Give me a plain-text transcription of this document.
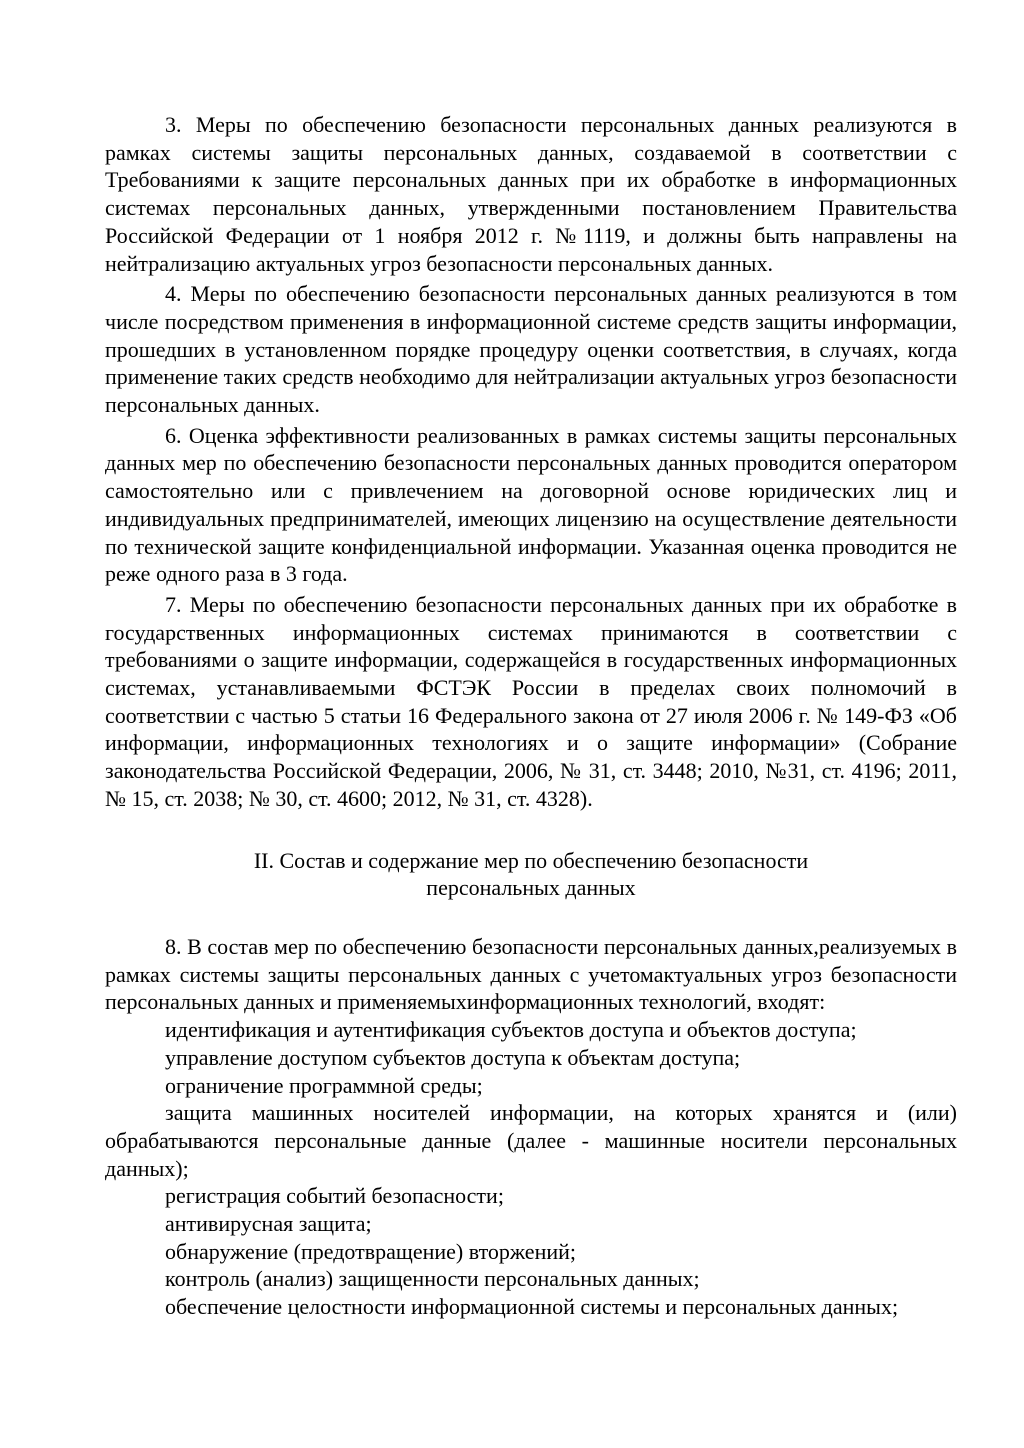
3. Меры по обеспечению безопасности персональных данных реализуются в рамках системы защиты персональных данных, создаваемой в соответствии с Требованиями к защите персональных данных при их обработке в информационных системах персональных данных, утвержденными постановлением Правительства Российской Федерации от 1 ноября 2012 г. №1119, и должны быть направлены на нейтрализацию актуальных угроз безопасности персональных данных.

4. Меры по обеспечению безопасности персональных данных реализуются в том числе посредством применения в информационной системе средств защиты информации, прошедших в установленном порядке процедуру оценки соответствия, в случаях, когда применение таких средств необходимо для нейтрализации актуальных угроз безопасности персональных данных.

6. Оценка эффективности реализованных в рамках системы защиты персональных данных мер по обеспечению безопасности персональных данных проводится оператором самостоятельно или с привлечением на договорной основе юридических лиц и индивидуальных предпринимателей, имеющих лицензию на осуществление деятельности по технической защите конфиденциальной информации. Указанная оценка проводится не реже одного раза в 3 года.

7. Меры по обеспечению безопасности персональных данных при их обработке в государственных информационных системах принимаются в соответствии с требованиями о защите информации, содержащейся в государственных информационных системах, устанавливаемыми ФСТЭК России в пределах своих полномочий в соответствии с частью 5 статьи 16 Федерального закона от 27 июля 2006 г. № 149-ФЗ «Об информации, информационных технологиях и о защите информации» (Собрание законодательства Российской Федерации, 2006, № 31, ст. 3448; 2010, №31, ст. 4196; 2011, № 15, ст. 2038; № 30, ст. 4600; 2012, № 31, ст. 4328).

II. Состав и содержание мер по обеспечению безопасности
персональных данных

8. В состав мер по обеспечению безопасности персональных данных,реализуемых в рамках системы защиты персональных данных с учетомактуальных угроз безопасности персональных данных и применяемыхинформационных технологий, входят:

идентификация и аутентификация субъектов доступа и объектов доступа;

управление доступом субъектов доступа к объектам доступа;

ограничение программной среды;

защита машинных носителей информации, на которых хранятся и (или) обрабатываются персональные данные (далее - машинные носители персональных данных);

регистрация событий безопасности;

антивирусная защита;

обнаружение (предотвращение) вторжений;

контроль (анализ) защищенности персональных данных;

обеспечение целостности информационной системы и персональных данных;
